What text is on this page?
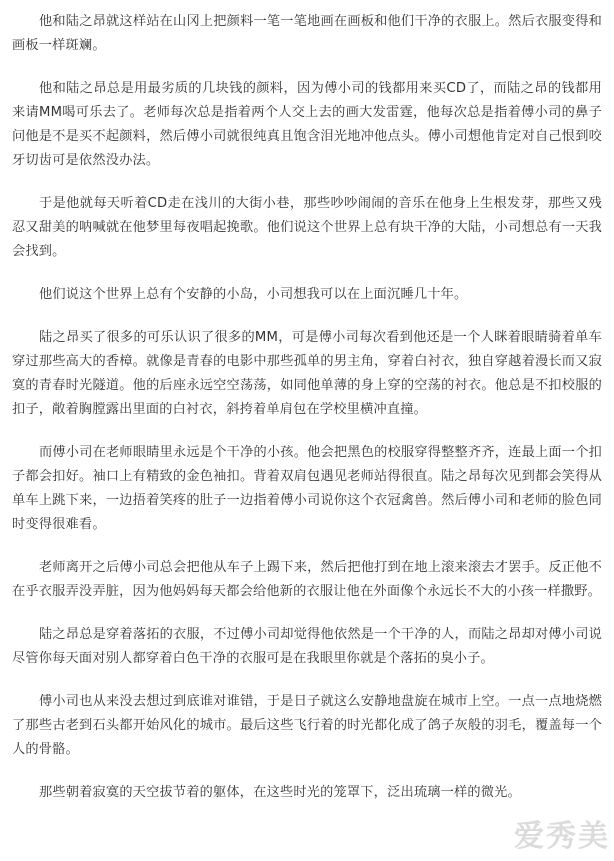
他和陆之昂就这样站在山冈上把颜料一笔一笔地画在画板和他们干净的衣服上。然后衣服变得和画板一样斑斓。

他和陆之昂总是用最劣质的几块钱的颜料，因为傅小司的钱都用来买CD了，而陆之昂的钱都用来请MM喝可乐去了。老师每次总是指着两个人交上去的画大发雷霆，他每次总是指着傅小司的鼻子问他是不是买不起颜料，然后傅小司就很纯真且饱含泪光地冲他点头。傅小司想他肯定对自己恨到咬牙切齿可是依然没办法。

于是他就每天听着CD走在浅川的大街小巷，那些吵吵闹闹的音乐在他身上生根发芽，那些又残忍又甜美的呐喊就在他梦里每夜唱起挽歌。他们说这个世界上总有块干净的大陆，小司想总有一天我会找到。

他们说这个世界上总有个安静的小岛，小司想我可以在上面沉睡几十年。

陆之昂买了很多的可乐认识了很多的MM，可是傅小司每次看到他还是一个人眯着眼睛骑着单车穿过那些高大的香樟。就像是青春的电影中那些孤单的男主角，穿着白衬衣，独自穿越着漫长而又寂寞的青春时光隧道。他的后座永远空空荡荡，如同他单薄的身上穿的空荡的衬衣。他总是不扣校服的扣子，敞着胸膛露出里面的白衬衣，斜挎着单肩包在学校里横冲直撞。

而傅小司在老师眼睛里永远是个干净的小孩。他会把黑色的校服穿得整整齐齐，连最上面一个扣子都会扣好。袖口上有精致的金色袖扣。背着双肩包遇见老师站得很直。陆之昂每次见到都会笑得从单车上跳下来，一边捂着笑疼的肚子一边指着傅小司说你这个衣冠禽兽。然后傅小司和老师的脸色同时变得很难看。

老师离开之后傅小司总会把他从车子上踢下来，然后把他打到在地上滚来滚去才罢手。反正他不在乎衣服弄没弄脏，因为他妈妈每天都会给他新的衣服让他在外面像个永远长不大的小孩一样撒野。

陆之昂总是穿着落拓的衣服，不过傅小司却觉得他依然是一个干净的人，而陆之昂却对傅小司说尽管你每天面对别人都穿着白色干净的衣服可是在我眼里你就是个落拓的臭小子。

傅小司也从来没去想过到底谁对谁错，于是日子就这么安静地盘旋在城市上空。一点一点地烧燃了那些古老到石头都开始风化的城市。最后这些飞行着的时光都化成了鸽子灰般的羽毛，覆盖每一个人的骨骼。

那些朝着寂寞的天空拔节着的躯体，在这些时光的笼罩下，泛出琉璃一样的微光。

爱秀美
